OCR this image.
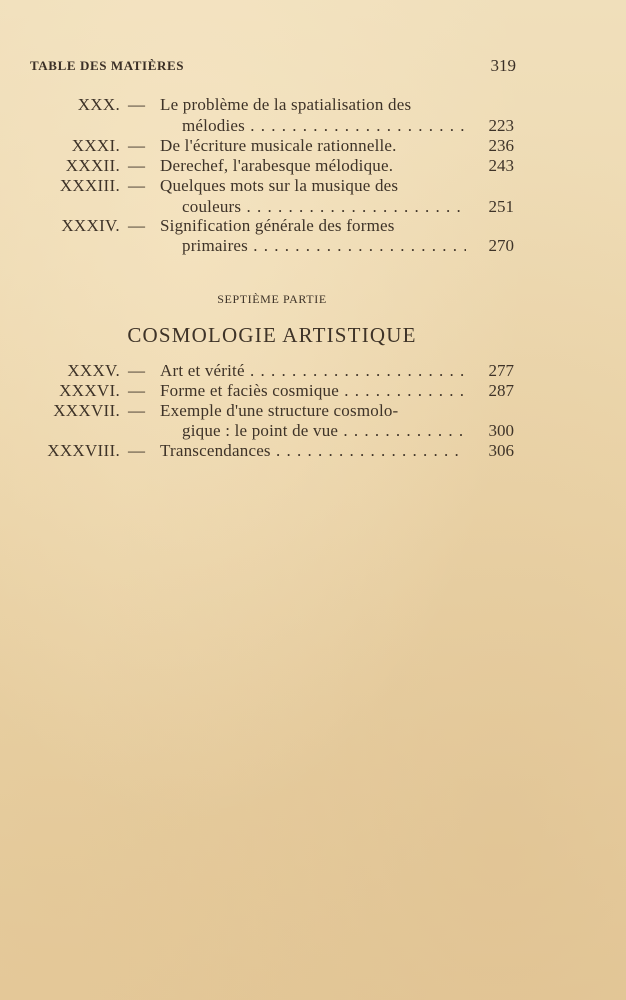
TABLE DES MATIÈRES	319
XXX. — Le problème de la spatialisation des
mélodies . . .	223
XXXI. — De l'écriture musicale rationnelle.	236
XXXII. — Derechef, l'arabesque mélodique.	243
XXXIII. — Quelques mots sur la musique des
couleurs . . .	251
XXXIV. — Signification générale des formes
primaires . . .	270
SEPTIÈME PARTIE
COSMOLOGIE ARTISTIQUE
XXXV. — Art et vérité . . .	277
XXXVI. — Forme et faciès cosmique . . .	287
XXXVII. — Exemple d'une structure cosmolo-
gique : le point de vue . . .	300
XXXVIII. — Transcendances . . .	306
